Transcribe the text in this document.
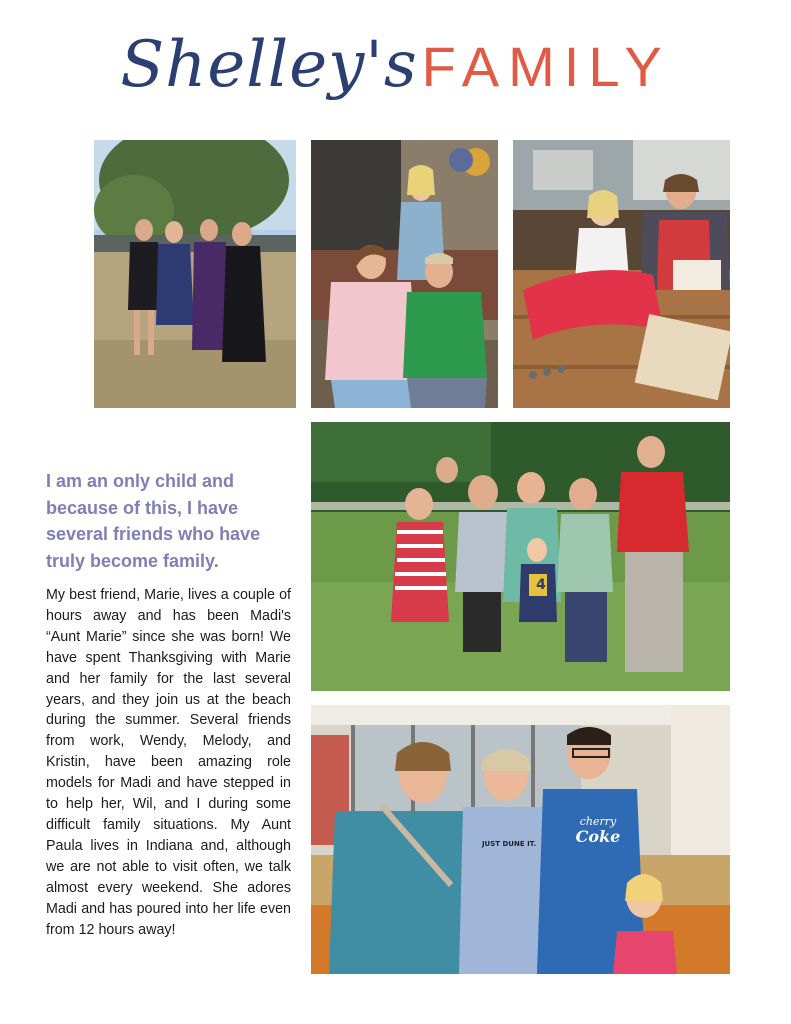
Shelley'sFAMILY
4
JUST DUNE IT.
cherry
Coke
I am an only child and because of this, I have several friends who have truly become family.
My best friend, Marie, lives a couple of hours away and has been Madi's “Aunt Marie” since she was born! We have spent Thanksgiving with Marie and her family for the last several years, and they join us at the beach during the summer. Several friends from work, Wendy, Melody, and Kristin, have been amazing role models for Madi and have stepped in to help her, Wil, and I during some difficult family situations. My Aunt Paula lives in Indiana and, although we are not able to visit often, we talk almost every weekend. She adores Madi and has poured into her life even from 12 hours away!
